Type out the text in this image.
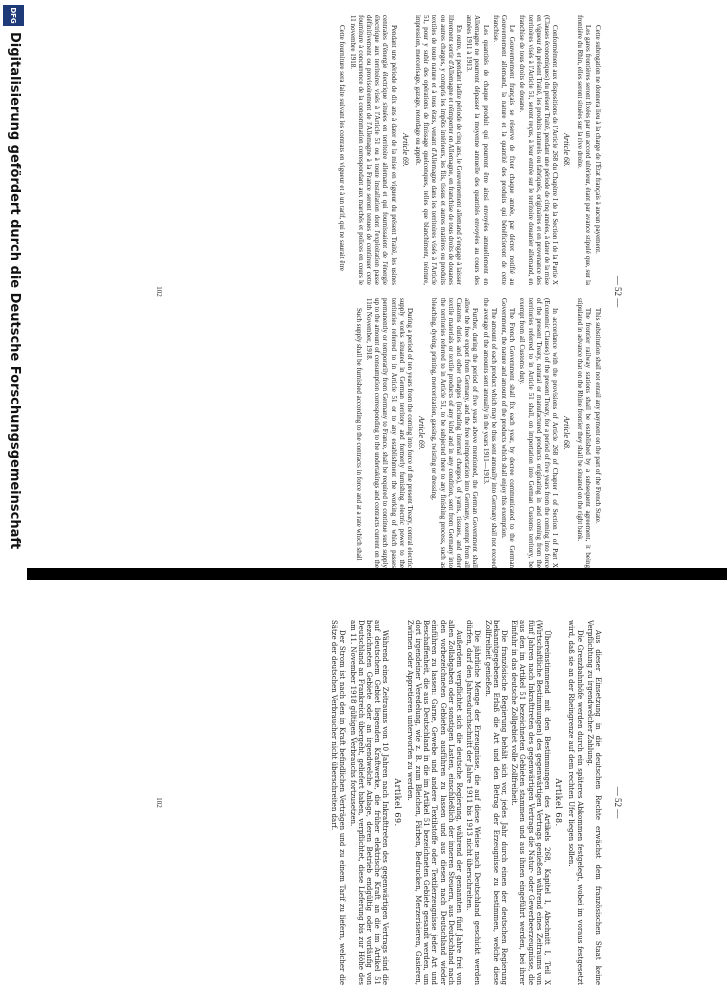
— 52 —

Cette subrogation ne donnera lieu à la charge de l'État français à aucun payement.

Les gares frontières seront fixées par un accord ultérieur, étant par avance stipulé que, sur la frontière du Rhin, elles seront situées sur la rive droite.

Article 68.

Conformément aux dispositions de l'Article 268 du Chapitre I de la Section I de la Partie X (Clauses économiques) du présent Traité, pendant une période de cinq années, à dater de la mise en vigueur du présent Traité, les produits naturels ou fabriqués, originaires et en provenance des territoires visés à l'Article 51, seront reçus, à leur entrée sur le territoire douanier allemand, en franchise de tous droits de douane.

Le Gouvernement français se réserve de fixer chaque année, par décret notifié au Gouvernement allemand, la nature et la quantité des produits qui bénéficieront de cette franchise.

Les quantités de chaque produit qui pourront être ainsi envoyées annuellement en Allemagne ne pourront dépasser la moyenne annuelle des quantités envoyées au cours des années 1911 à 1913.

En outre, et pendant ladite période de cinq ans, le Gouvernement allemand s'engage à laisser librement sortir d'Allemagne et réimporter en Allemagne, en franchise de tous droits de douanes ou autres charges, y compris les impôts intérieurs, les fils, tissus et autres matières ou produits textiles de toute nature et à tous états, venant d'Allemagne dans les territoires visés à l'Article 51, pour y subir des opérations de finissage quelconques, telles que blanchiment, teinture, impression, mercerisage, gazage, retordage ou apprêt.

Article 69.

Pendant une période de dix ans à dater de la mise en vigueur du présent Traité, les usines centrales d'énergie électrique situées en territoire allemand et qui fournissaient de l'énergie électrique aux territoires visés à l'Article 51 ou à toute installation dont l'exploitation passe définitivement ou provisoirement de l'Allemagne à la France seront tenues de continuer cette fourniture à concurrence de la consommation correspondant aux marchés et polices en cours le 11 novembre 1918.

Cette fourniture sera faite suivant les contrats en vigueur et à un tarif, qui ne saurait être

This substitution shall not entail any payment on the part of the French State.

The frontier railway stations shall be established by a subsequent agreement, it being stipulated in advance that on the Rhine frontier they shall be situated on the right bank.

Article 68.

In accordance with the provisions of Article 268 of Chapter I of Section I of Part X (Economic Clauses) of the present Treaty, for a period of five years from the coming into force of the present Treaty, natural or manufactured products originating in and coming from the territories referred to in Article 51 shall, on importation into German Customs territory, be exempt from all Customs duty.

The French Government shall fix each year, by decree communicated to the German Government, the nature and amount of the products which shall enjoy this exemption.

The amount of each product which may be thus sent annually into Germany shall not exceed the average of the amounts sent annually in the years 1911—1913.

Further, during the period of five years above mentioned, the German Government shall allow the free export from Germany, and the free reimportation into Germany, exempt from all Customs duties and other charges (including internal charges), of yarns, tissues, and other textile materials or textile products of any kind and in any condition, sent from Germany into the territories referred to in Article 51, to be subjected there to any finishing process, such as bleaching, dyeing, printing, mercerization, gassing, twisting or dressing.

Article 69.

During a period of ten years from the coming into force of the present Treaty, central electric supply works situated in German territory and formerly furnishing electric power to the territories referred to in Article 51 or to any establishment the working of which passes permanently or temporarily from Germany to France, shall be required to continue such supply up to the amount of consumption corresponding to the undertakings and contracts current on the 11th November, 1918.

Such supply shall be furnished according to the contracts in force and at a rate which shall

102
— 52 —

Aus dieser Einsetzung in die deutschen Rechte erwächst dem französischen Staat keine Verpflichtung zu irgendwelcher Zahlung.

Die Grenzbahnhöfe werden durch ein späteres Abkommen festgelegt, wobei im voraus festgesetzt wird, daß sie an der Rheingrenze auf dem rechten Ufer liegen sollen.

Artikel 68.

Übereinstimmend mit den Bestimmungen des Artikels 268, Kapitel I, Abschnitt I, Teil X (Wirtschaftliche Bestimmungen) des gegenwärtigen Vertrags genießen während eines Zeitraums von fünf Jahren nach Inkrafttreten des gegenwärtigen Vertrags die Natur- oder Gewerbeerzeugnisse, die aus den im Artikel 51 bezeichneten Gebieten stammen und aus ihnen eingeführt werden, bei ihrer Einfuhr in das deutsche Zollgebiet volle Zollfreiheit.

Die französische Regierung behält sich vor, jedes Jahr durch einen der deutschen Regierung bekanntgegebenen Erlaß die Art und den Betrag der Erzeugnisse zu bestimmen, welche diese Zollfreiheit genießen.

Die jährliche Menge der Erzeugnisse, die auf diese Weise nach Deutschland geschickt werden dürfen, darf den Jahresdurchschnitt der Jahre 1911 bis 1913 nicht überschreiten.

Außerdem verpflichtet sich die deutsche Regierung, während der genannten fünf Jahre frei von allen Zollabgaben oder sonstigen Lasten, einschließlich der inneren Steuern, aus Deutschland nach den vorbezeichneten Gebieten ausführen zu lassen und aus diesen nach Deutschland wieder einführen zu lassen: Garne, Gewebe und andere Textilstoffe oder Textilerzeugnisse jeder Art und Beschaffenheit, die aus Deutschland in die im Artikel 51 bezeichneten Gebiete gesandt werden, um dort irgendeiner Veredelung, wie z. B. zum Bleichen, Färben, Bedrucken, Merzerisieren, Gasieren, Zwirnen oder Appretieren unterworfen zu werden.

Artikel 69.

Während eines Zeitraums von 10 Jahren nach Inkrafttreten des gegenwärtigen Vertrags sind die auf deutschem Gebiet liegenden Kraftwerke, die früher elektrische Kraft an die im Artikel 51 bezeichneten Gebiete oder an irgendwelche Anlage, deren Betrieb endgültig oder vorläufig von Deutschland an Frankreich übergeht, geliefert haben, verpflichtet, diese Lieferung bis zur Höhe des am 11. November 1918 gültigen Verbrauchs fortzusetzen.

Der Strom ist nach den in Kraft befindlichen Verträgen und zu einem Tarif zu liefern, welcher die Sätze der deutschen Verbraucher nicht überschreiten darf.

102
DFG
Digitalisierung gefördert durch die Deutsche Forschungsgemeinschaft
